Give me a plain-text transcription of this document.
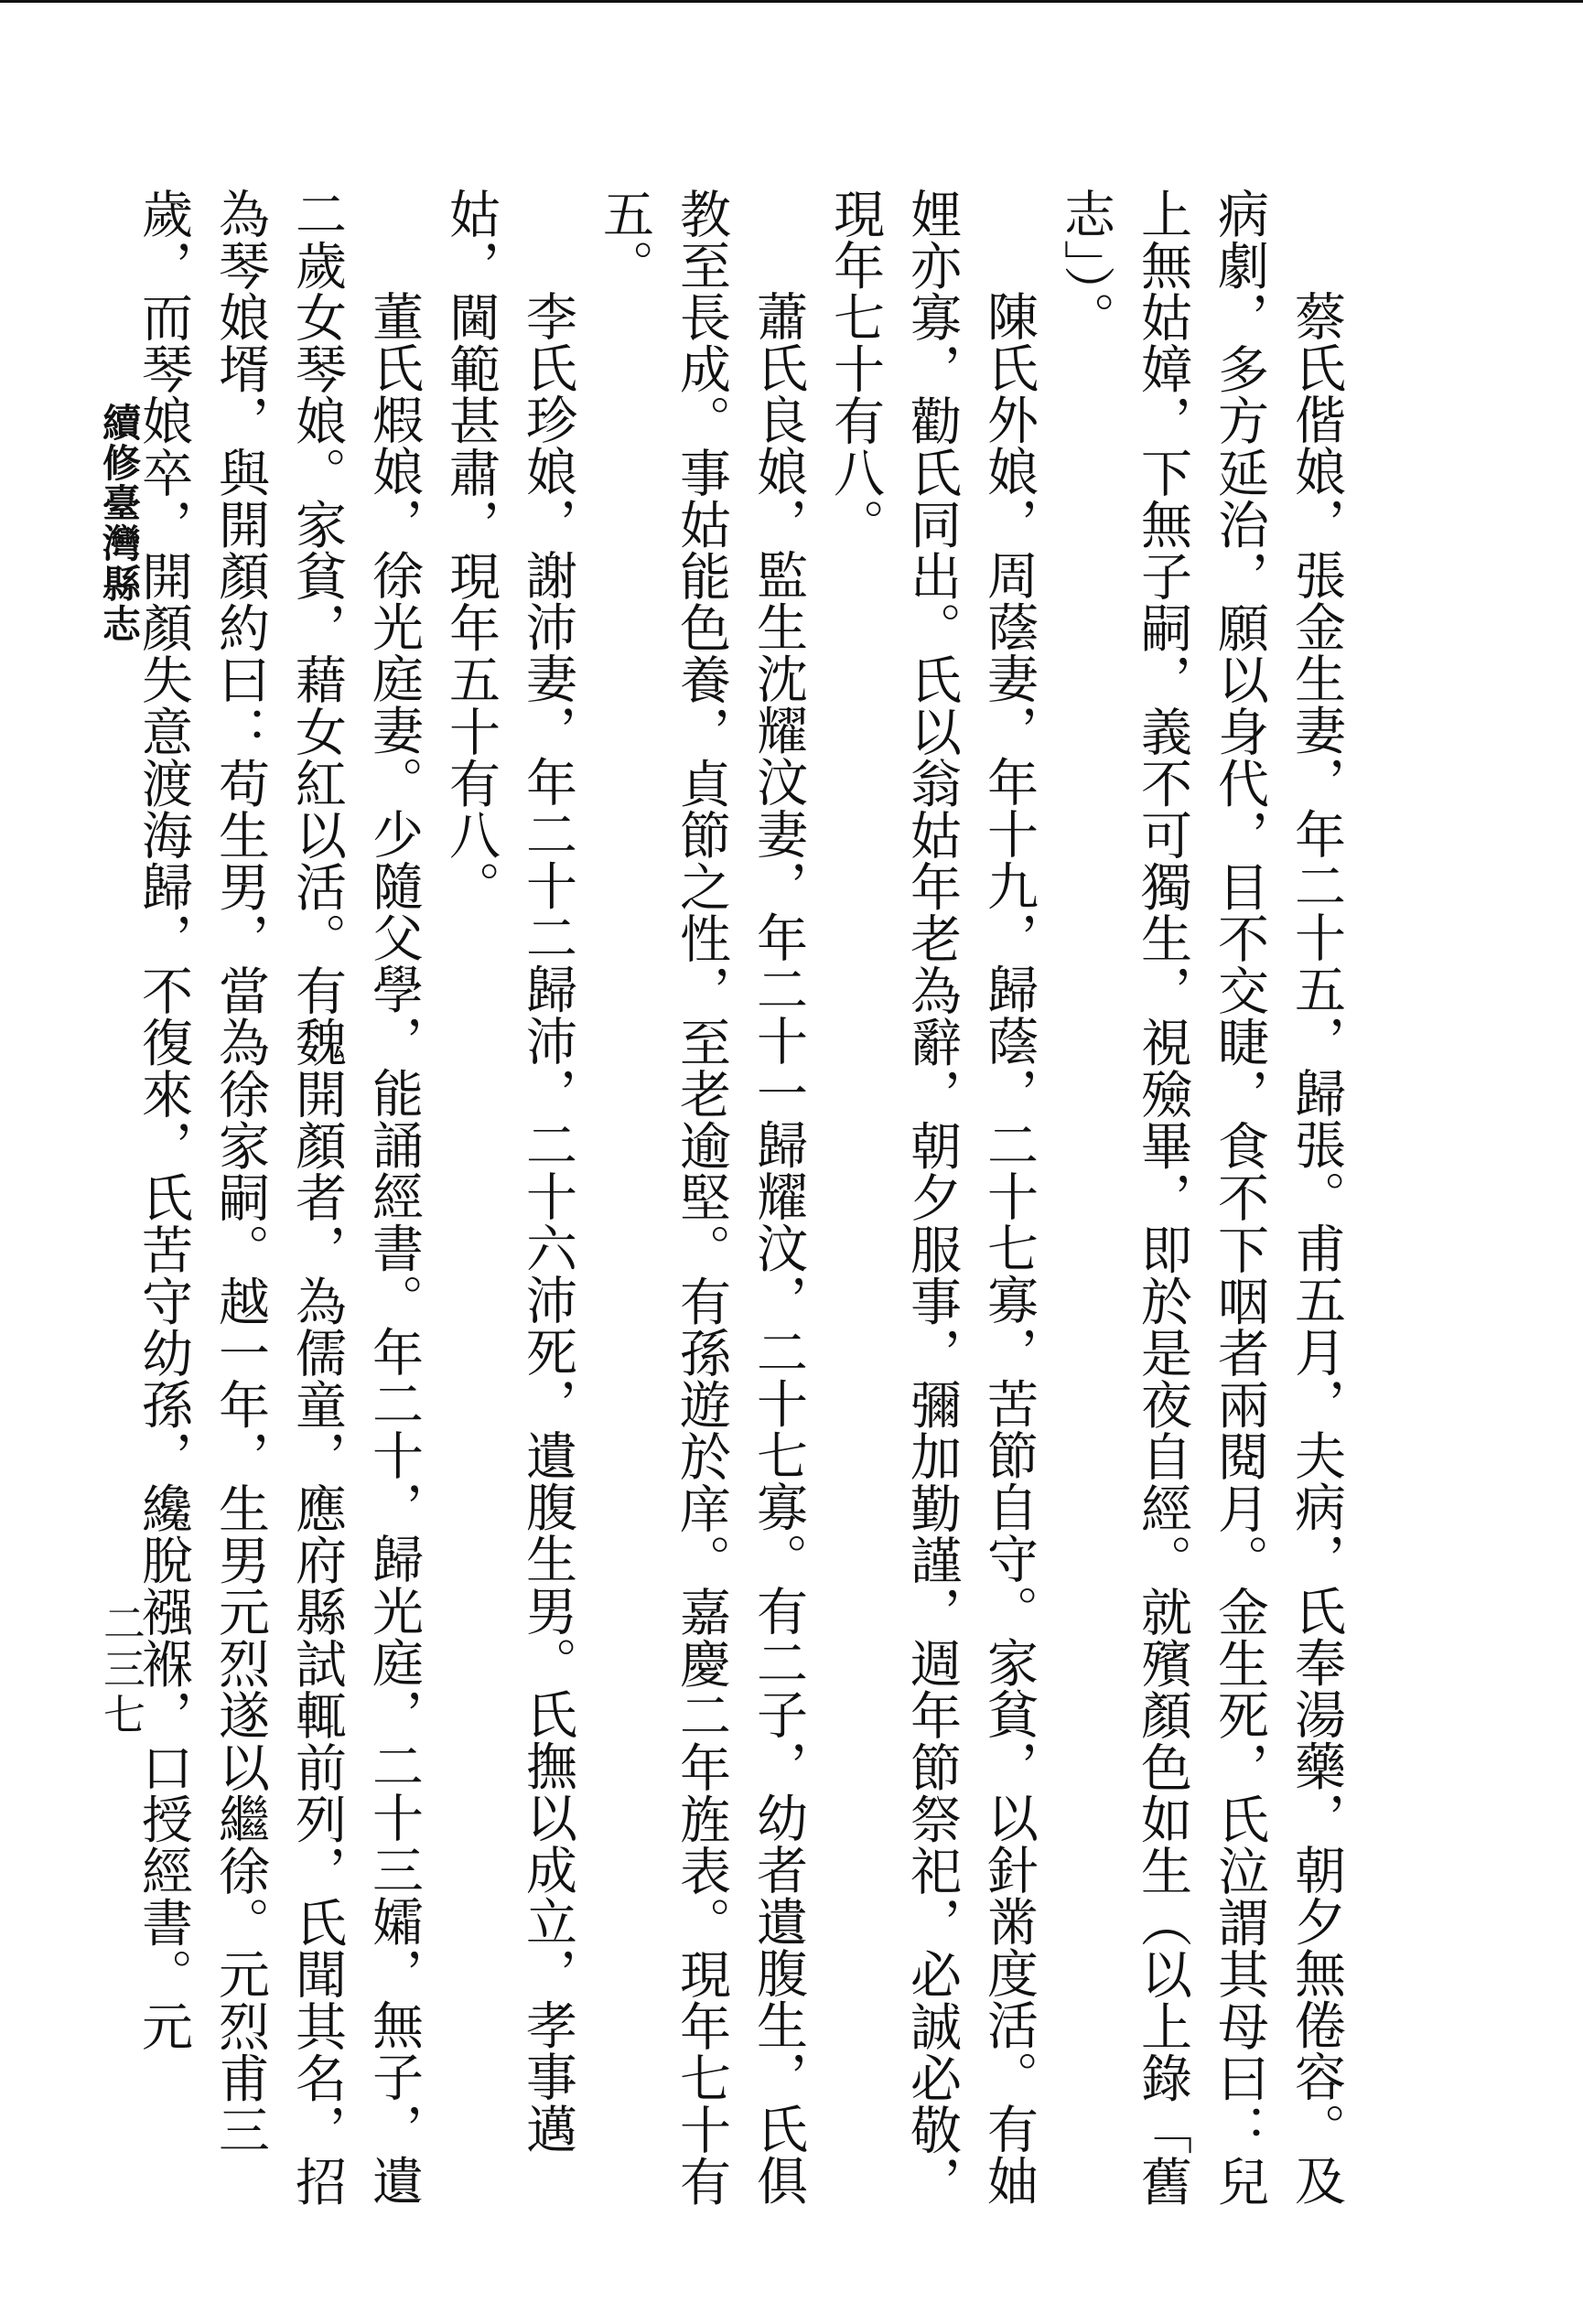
蔡氏偕娘，張金生妻，年二十五，歸張。甫五月，夫病，氏奉湯藥，朝夕無倦容。及病劇，多方延治，願以身代，目不交睫，食不下咽者兩閱月。金生死，氏泣謂其母曰：兒上無姑嫜，下無子嗣，義不可獨生，視殮畢，即於是夜自經。就殯顏色如生（以上錄「舊志」）。

陳氏外娘，周蔭妻，年十九，歸蔭，二十七寡，苦節自守。家貧，以針黹度活。有妯娌亦寡，勸氏同出。氏以翁姑年老為辭，朝夕服事，彌加勤謹，週年節祭祀，必誠必敬，現年七十有八。

蕭氏良娘，監生沈耀汶妻，年二十一歸耀汶，二十七寡。有二子，幼者遺腹生，氏俱教至長成。事姑能色養，貞節之性，至老逾堅。有孫遊於庠。嘉慶二年旌表。現年七十有五。

李氏珍娘，謝沛妻，年二十二歸沛，二十六沛死，遺腹生男。氏撫以成立，孝事邁姑，閫範甚肅，現年五十有八。

董氏煆娘，徐光庭妻。少隨父學，能誦經書。年二十，歸光庭，二十三孀，無子，遺二歲女琴娘。家貧，藉女紅以活。有魏開顏者，為儒童，應府縣試輒前列，氏聞其名，招為琴娘壻，與開顏約曰：苟生男，當為徐家嗣。越一年，生男元烈遂以繼徐。元烈甫三歲，而琴娘卒，開顏失意渡海歸，不復來，氏苦守幼孫，纔脫襁褓，口授經書。元

續修臺灣縣志
二三七
